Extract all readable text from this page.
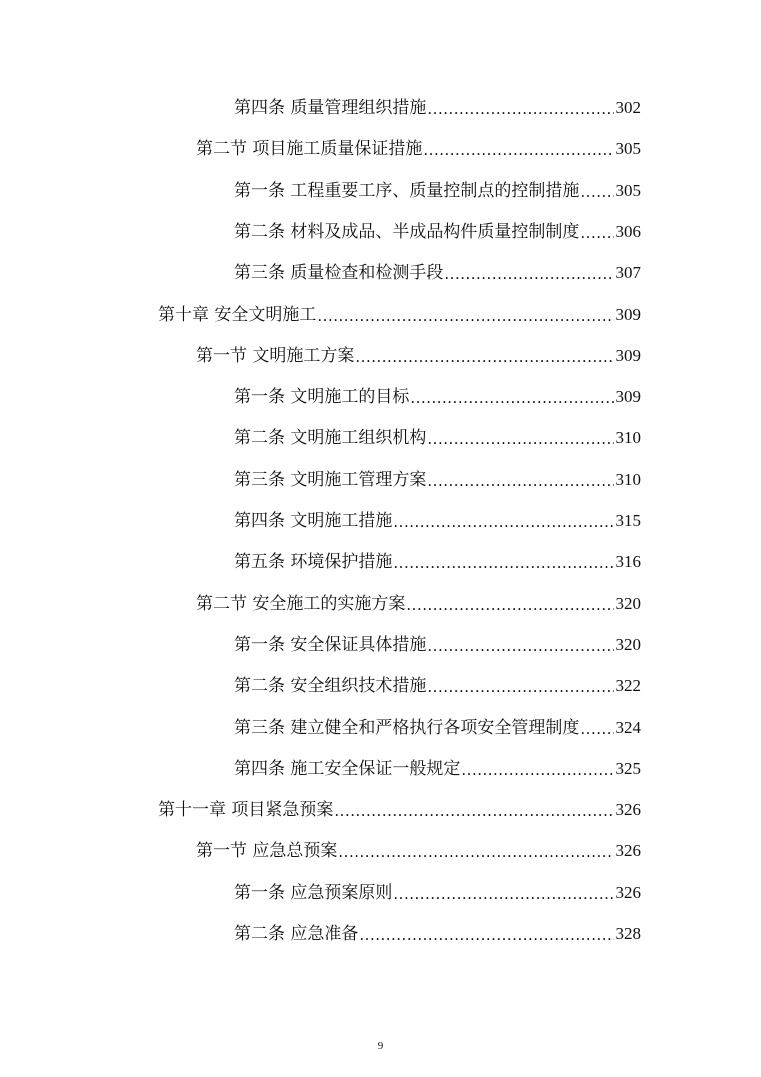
第四条 质量管理组织措施 .....	302
第二节 项目施工质量保证措施 .....	305
第一条 工程重要工序、质量控制点的控制措施 ..... 305
第二条 材料及成品、半成品构件质量控制制度 ..... 306
第三条 质量检查和检测手段 .....	307
第十章 安全文明施工 .....	309
第一节 文明施工方案 .....	309
第一条 文明施工的目标 .....	309
第二条 文明施工组织机构 .....	310
第三条 文明施工管理方案 .....	310
第四条 文明施工措施 .....	315
第五条 环境保护措施 .....	316
第二节 安全施工的实施方案 .....	320
第一条 安全保证具体措施 .....	320
第二条 安全组织技术措施 .....	322
第三条 建立健全和严格执行各项安全管理制度 ..... 324
第四条 施工安全保证一般规定 .....	325
第十一章 项目紧急预案 .....	326
第一节 应急总预案 .....	326
第一条 应急预案原则 .....	326
第二条 应急准备 .....	328
9
